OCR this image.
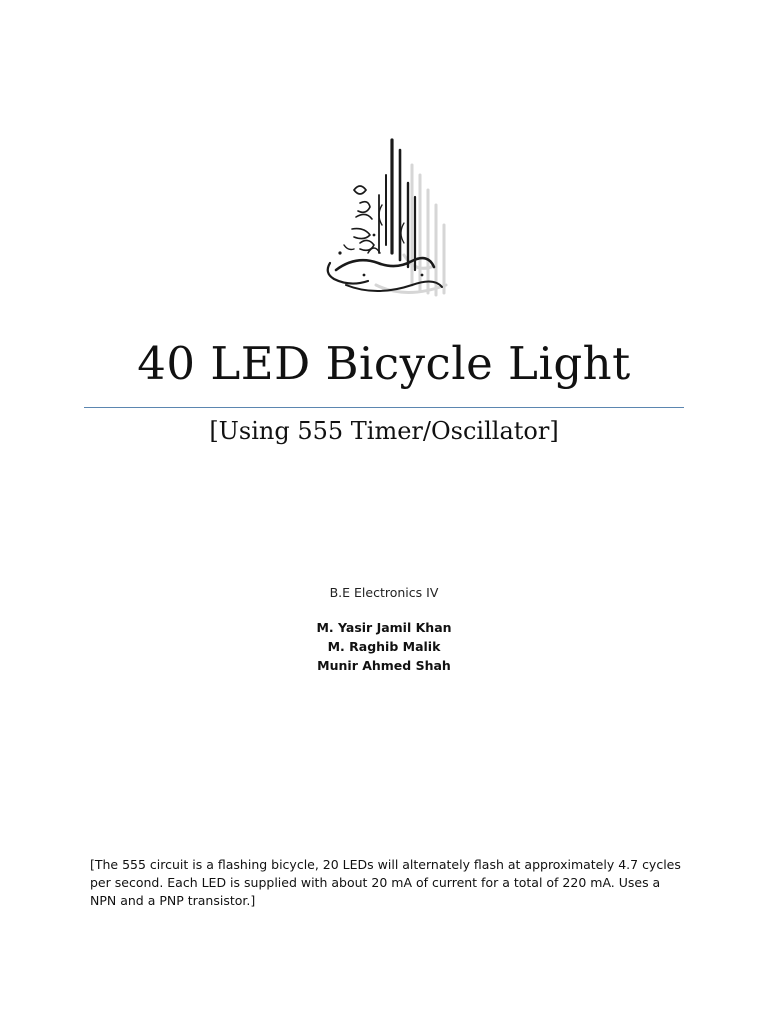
40 LED Bicycle Light
[Using 555 Timer/Oscillator]
B.E Electronics IV
M. Yasir Jamil Khan
M. Raghib Malik
Munir Ahmed Shah
[The 555 circuit is a flashing bicycle, 20 LEDs will alternately flash at approximately 4.7 cycles per second. Each LED is supplied with about 20 mA of current for a total of 220 mA. Uses a NPN and a PNP transistor.]
